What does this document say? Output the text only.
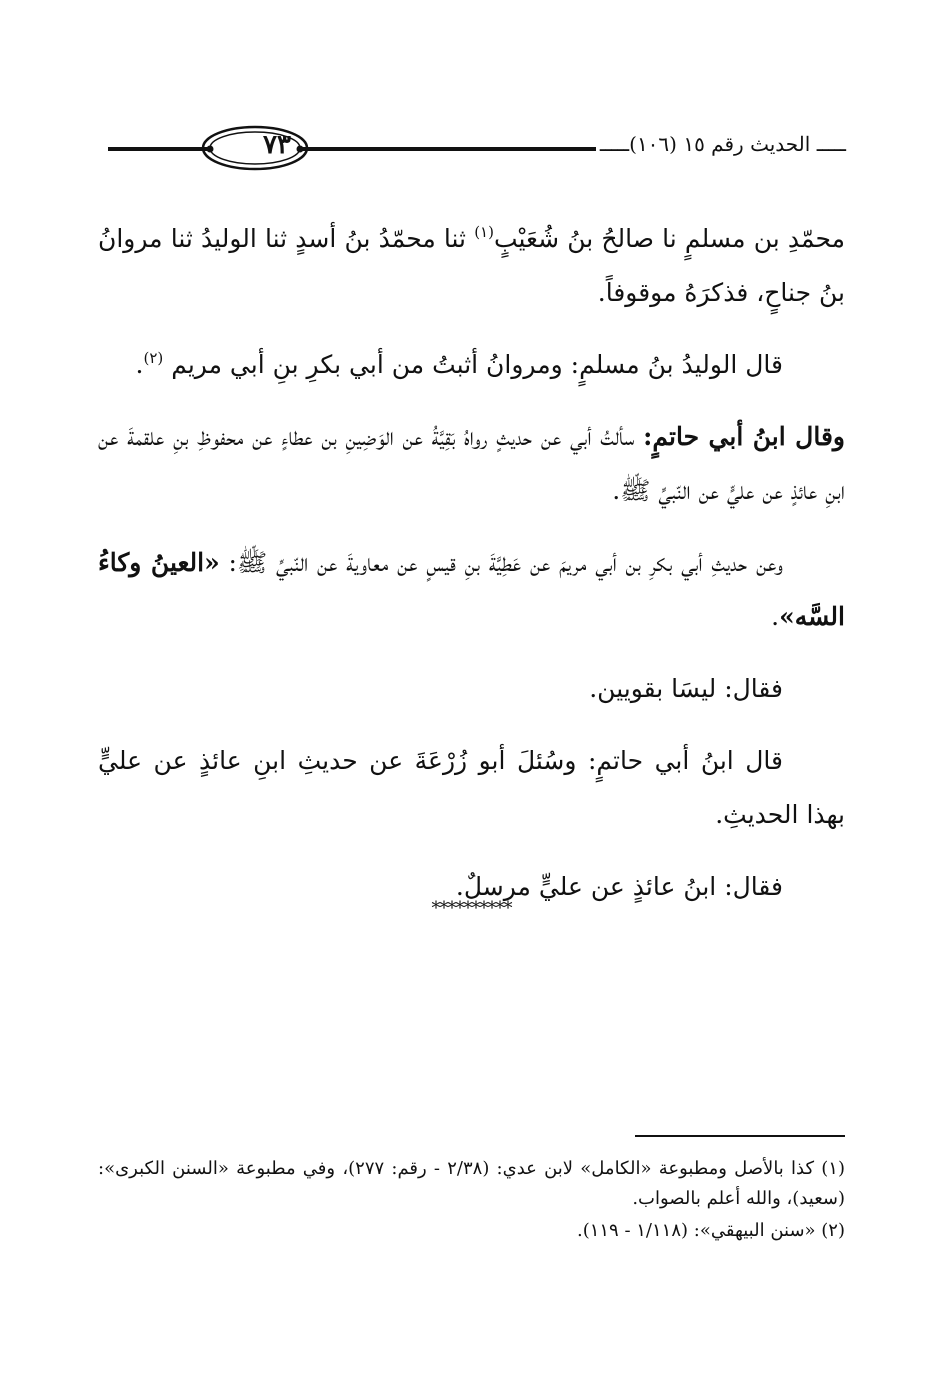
ـــــ الحديث رقم ١٥ (١٠٦)ـــــ
٧٣

محمّدِ بن مسلمٍ نا صالحُ بنُ شُعَيْبٍ$^{(١)}$ ثنا محمّدُ بنُ أسدٍ ثنا الوليدُ ثنا مروانُ بنُ جناحٍ، فذكرَهُ موقوفاً.

قال الوليدُ بنُ مسلمٍ: ومروانُ أثبتُ من أبي بكرِ بنِ أبي مريم $^{(٢)}$.

وقال ابنُ أبي حاتمٍ: سألتُ أبي عن حديثٍ رواهُ بَقِيَّةُ عن الوَضِينِ بن عطاءٍ عن محفوظِ بنِ علقمةَ عن ابنِ عائذٍ عن عليٍّ عن النّبيِّ ﷺ.

وعن حديثِ أبي بكرِ بن أبي مريمَ عن عَطِيَّةَ بنِ قيسٍ عن معاويةَ عن النّبيِّ ﷺ: «العينُ وكاءُ السَّه».

فقال: ليسَا بقويين.

قال ابنُ أبي حاتمٍ: وسُئلَ أبو زُرْعَةَ عن حديثِ ابنِ عائذٍ عن عليٍّ بهذا الحديثِ.

فقال: ابنُ عائذٍ عن عليٍّ مرسلٌ.

**********

(١) كذا بالأصل ومطبوعة «الكامل» لابن عدي: (٢/٣٨ - رقم: ٢٧٧)، وفي مطبوعة «السنن الكبرى»: (سعيد)، والله أعلم بالصواب.

(٢) «سنن البيهقي»: (١/١١٨ - ١١٩).
